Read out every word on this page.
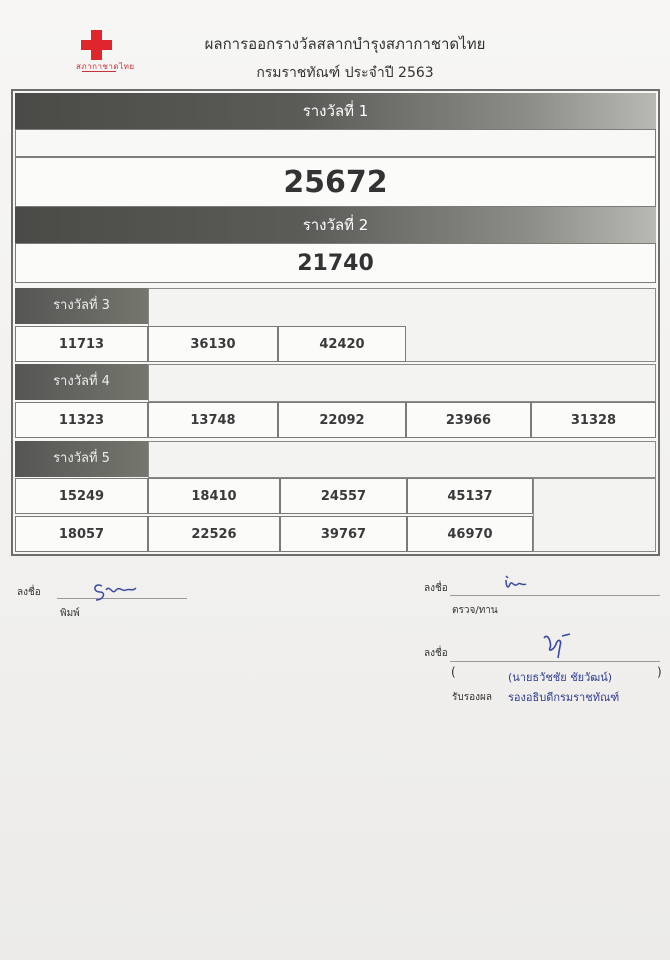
สภากาชาดไทย
ผลการออกรางวัลสลากบำรุงสภากาชาดไทย
กรมราชทัณฑ์ ประจำปี 2563
รางวัลที่ 1
25672
รางวัลที่ 2
21740
รางวัลที่ 3
11713	36130	42420
รางวัลที่ 4
11323	13748	22092	23966	31328
รางวัลที่ 5
15249	18410	24557	45137
18057	22526	39767	46970
ลงชื่อ
พิมพ์
ลงชื่อ
ตรวจ/ทาน
ลงชื่อ
(	(นายธวัชชัย ชัยวัฒน์)	)
รับรองผล รองอธิบดีกรมราชทัณฑ์
